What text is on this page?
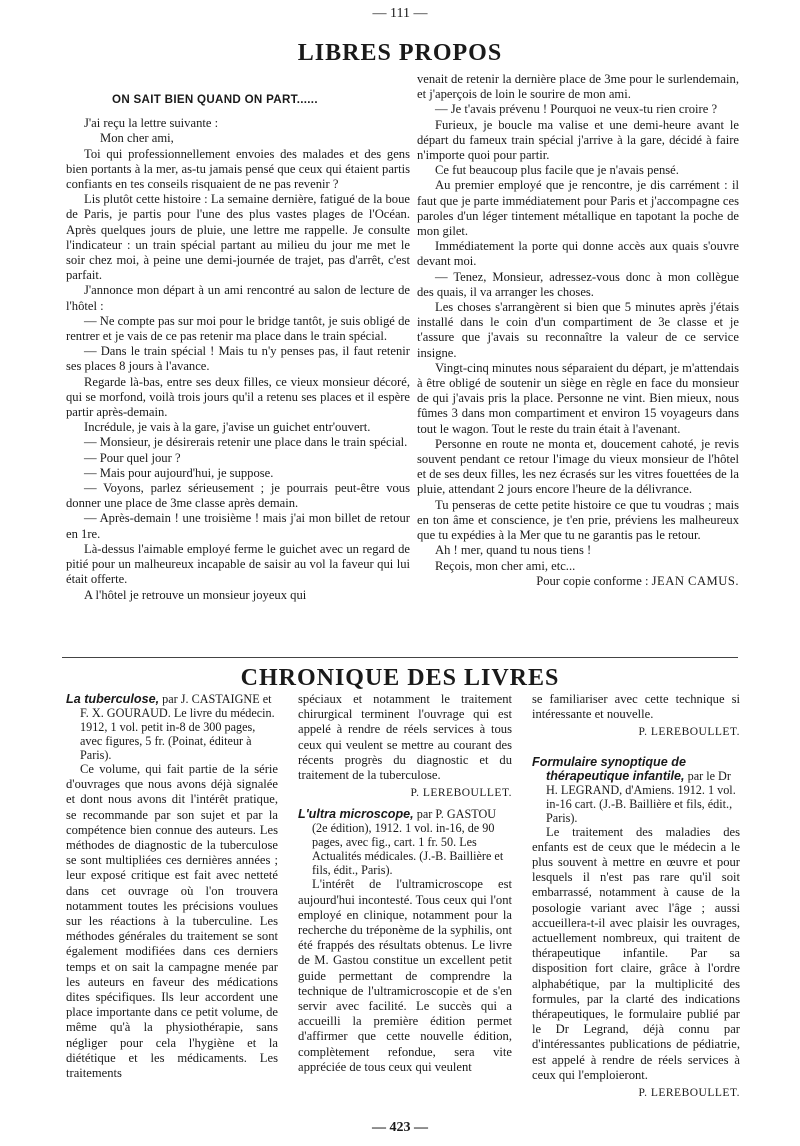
— 111 —
LIBRES PROPOS
ON SAIT BIEN QUAND ON PART......

J'ai reçu la lettre suivante :

Mon cher ami,

Toi qui professionnellement envoies des malades et des gens bien portants à la mer, as-tu jamais pensé que ceux qui étaient partis confiants en tes conseils risquaient de ne pas revenir ?

Lis plutôt cette histoire : La semaine dernière, fatigué de la boue de Paris, je partis pour l'une des plus vastes plages de l'Océan. Après quelques jours de pluie, une lettre me rappelle. Je consulte l'indicateur : un train spécial partant au milieu du jour me met le soir chez moi, à peine une demi-journée de trajet, pas d'arrêt, c'est parfait.

J'annonce mon départ à un ami rencontré au salon de lecture de l'hôtel :

— Ne compte pas sur moi pour le bridge tantôt, je suis obligé de rentrer et je vais de ce pas retenir ma place dans le train spécial.

— Dans le train spécial ! Mais tu n'y penses pas, il faut retenir ses places 8 jours à l'avance.

Regarde là-bas, entre ses deux filles, ce vieux monsieur décoré, qui se morfond, voilà trois jours qu'il a retenu ses places et il espère partir après-demain.

Incrédule, je vais à la gare, j'avise un guichet entr'ouvert.

— Monsieur, je désirerais retenir une place dans le train spécial.

— Pour quel jour ?

— Mais pour aujourd'hui, je suppose.

— Voyons, parlez sérieusement ; je pourrais peut-être vous donner une place de 3me classe après demain.

— Après-demain ! une troisième ! mais j'ai mon billet de retour en 1re.

Là-dessus l'aimable employé ferme le guichet avec un regard de pitié pour un malheureux incapable de saisir au vol la faveur qui lui était offerte.

A l'hôtel je retrouve un monsieur joyeux qui

venait de retenir la dernière place de 3me pour le surlendemain, et j'aperçois de loin le sourire de mon ami.

— Je t'avais prévenu ! Pourquoi ne veux-tu rien croire ?

Furieux, je boucle ma valise et une demi-heure avant le départ du fameux train spécial j'arrive à la gare, décidé à faire n'importe quoi pour partir.

Ce fut beaucoup plus facile que je n'avais pensé.

Au premier employé que je rencontre, je dis carrément : il faut que je parte immédiatement pour Paris et j'accompagne ces paroles d'un léger tintement métallique en tapotant la poche de mon gilet.

Immédiatement la porte qui donne accès aux quais s'ouvre devant moi.

— Tenez, Monsieur, adressez-vous donc à mon collègue des quais, il va arranger les choses.

Les choses s'arrangèrent si bien que 5 minutes après j'étais installé dans le coin d'un compartiment de 3e classe et je t'assure que j'avais su reconnaître la valeur de ce service insigne.

Vingt-cinq minutes nous séparaient du départ, je m'attendais à être obligé de soutenir un siège en règle en face du monsieur de qui j'avais pris la place. Personne ne vint. Bien mieux, nous fûmes 3 dans mon compartiment et environ 15 voyageurs dans tout le wagon. Tout le reste du train était à l'avenant.

Personne en route ne monta et, doucement cahoté, je revis souvent pendant ce retour l'image du vieux monsieur de l'hôtel et de ses deux filles, les nez écrasés sur les vitres fouettées de la pluie, attendant 2 jours encore l'heure de la délivrance.

Tu penseras de cette petite histoire ce que tu voudras ; mais en ton âme et conscience, je t'en prie, préviens les malheureux que tu expédies à la Mer que tu ne garantis pas le retour.

Ah ! mer, quand tu nous tiens !

Reçois, mon cher ami, etc...

Pour copie conforme : JEAN CAMUS.

CHRONIQUE DES LIVRES
La tuberculose, par J. CASTAIGNE et F. X. GOURAUD. Le livre du médecin. 1912, 1 vol. petit in-8 de 300 pages, avec figures, 5 fr. (Poinat, éditeur à Paris).

Ce volume, qui fait partie de la série d'ouvrages que nous avons déjà signalée et dont nous avons dit l'intérêt pratique, se recommande par son sujet et par la compétence bien connue des auteurs. Les méthodes de diagnostic de la tuberculose se sont multipliées ces dernières années ; leur exposé critique est fait avec netteté dans cet ouvrage où l'on trouvera notamment toutes les précisions voulues sur les réactions à la tuberculine. Les méthodes générales du traitement se sont également modifiées dans ces derniers temps et on sait la campagne menée par les auteurs en faveur des médications dites spécifiques. Ils leur accordent une place importante dans ce petit volume, de même qu'à la physiothérapie, sans négliger pour cela l'hygiène et la diététique et les médicaments. Les traitements

spéciaux et notamment le traitement chirurgical terminent l'ouvrage qui est appelé à rendre de réels services à tous ceux qui veulent se mettre au courant des récents progrès du diagnostic et du traitement de la tuberculose.

P. LEREBOULLET.
L'ultra microscope, par P. GASTOU (2e édition), 1912. 1 vol. in-16, de 90 pages, avec fig., cart. 1 fr. 50. Les Actualités médicales. (J.-B. Baillière et fils, édit., Paris).

L'intérêt de l'ultramicroscope est aujourd'hui incontesté. Tous ceux qui l'ont employé en clinique, notamment pour la recherche du tréponème de la syphilis, ont été frappés des résultats obtenus. Le livre de M. Gastou constitue un excellent petit guide permettant de comprendre la technique de l'ultramicroscopie et de s'en servir avec facilité. Le succès qui a accueilli la première édition permet d'affirmer que cette nouvelle édition, complètement refondue, sera vite appréciée de tous ceux qui veulent

se familiariser avec cette technique si intéressante et nouvelle.

P. LEREBOULLET.
Formulaire synoptique de thérapeutique infantile, par le Dr H. LEGRAND, d'Amiens. 1912. 1 vol. in-16 cart. (J.-B. Baillière et fils, édit., Paris).

Le traitement des maladies des enfants est de ceux que le médecin a le plus souvent à mettre en œuvre et pour lesquels il n'est pas rare qu'il soit embarrassé, notamment à cause de la posologie variant avec l'âge ; aussi accueillera-t-il avec plaisir les ouvrages, actuellement nombreux, qui traitent de thérapeutique infantile. Par sa disposition fort claire, grâce à l'ordre alphabétique, par la multiplicité des formules, par la clarté des indications thérapeutiques, le formulaire publié par le Dr Legrand, déjà connu par d'intéressantes publications de pédiatrie, est appelé à rendre de réels services à ceux qui l'emploieront.

P. LEREBOULLET.
— 423 —
